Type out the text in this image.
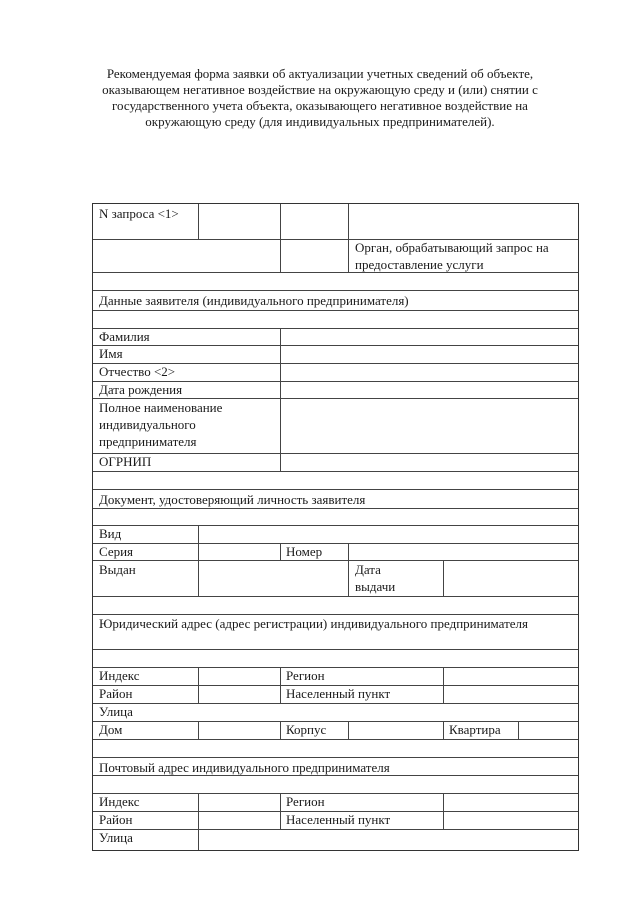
Рекомендуемая форма заявки об актуализации учетных сведений об объекте, оказывающем негативное воздействие на окружающую среду и (или) снятии с государственного учета объекта, оказывающего негативное воздействие на окружающую среду (для индивидуальных предпринимателей).
N запроса <1>
Орган, обрабатывающий запрос на предоставление услуги
Данные заявителя (индивидуального предпринимателя)
Фамилия
Имя
Отчество <2>
Дата рождения
Полное наименование индивидуального предпринимателя
ОГРНИП
Документ, удостоверяющий личность заявителя
Вид
Серия	Номер
Выдан	Дата выдачи
Юридический адрес (адрес регистрации) индивидуального предпринимателя
Индекс	Регион
Район	Населенный пункт
Улица
Дом	Корпус	Квартира
Почтовый адрес индивидуального предпринимателя
Индекс	Регион
Район	Населенный пункт
Улица
